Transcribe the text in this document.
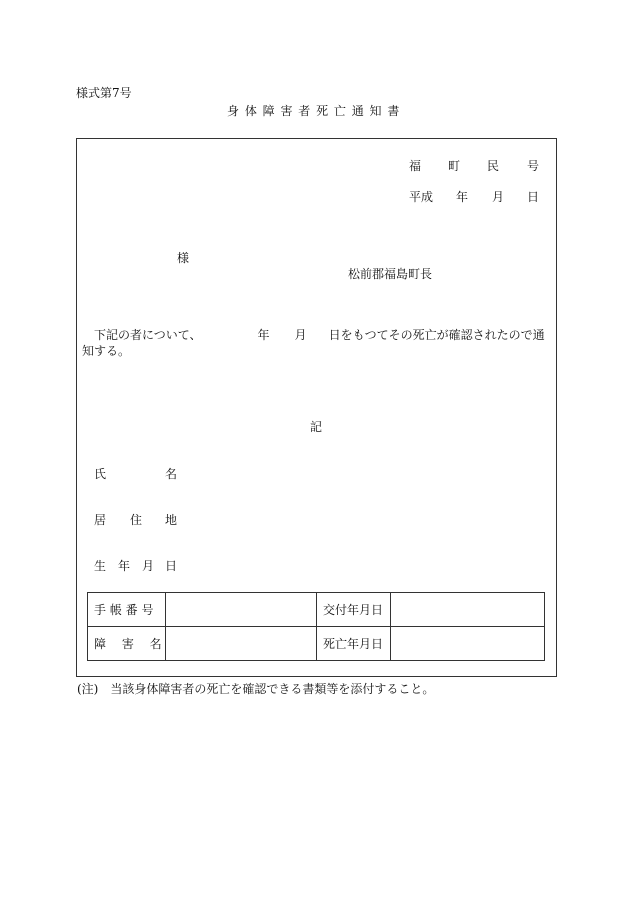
様式第7号
身 体 障 害 者 死 亡 通 知 書
福 町 民 号
平成 年 月 日
様
松前郡福島町長
下記の者について、	年 月 日をもつてその死亡が確認されたので通知する。
記
氏	名
居 住 地
生 年 月 日
手 帳 番 号		交付年月日	
障 　害 　名		死亡年月日	
(注)　当該身体障害者の死亡を確認できる書類等を添付すること。
